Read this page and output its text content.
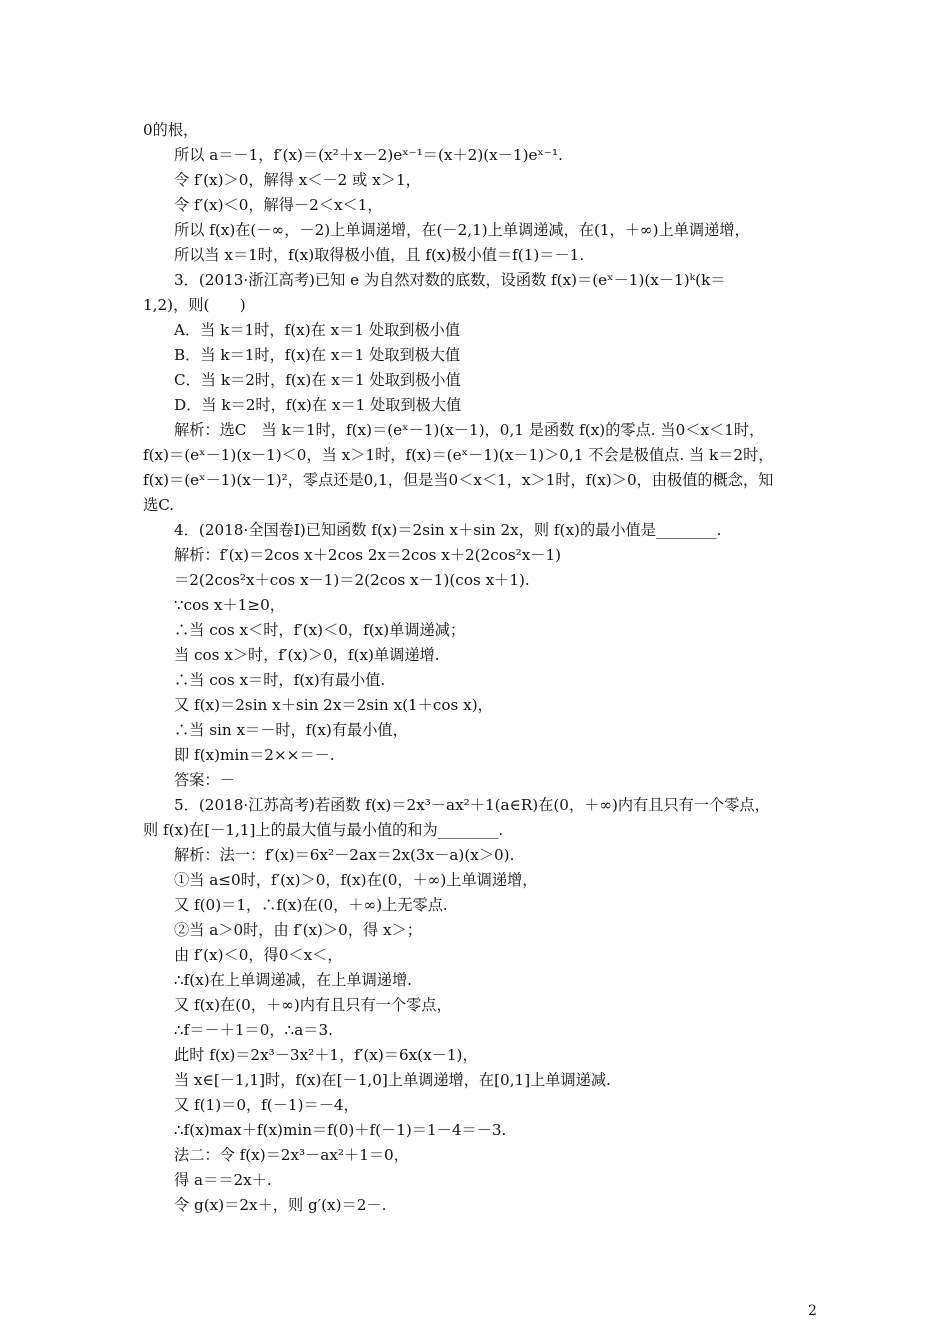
0的根，
所以 a＝－1，f′(x)＝(x²＋x－2)eˣ⁻¹＝(x＋2)(x－1)eˣ⁻¹.
令 f′(x)＞0，解得 x＜－2 或 x＞1，
令 f′(x)＜0，解得－2＜x＜1，
所以 f(x)在(－∞，－2)上单调递增，在(－2,1)上单调递减，在(1，＋∞)上单调递增，
所以当 x＝1时，f(x)取得极小值，且 f(x)极小值＝f(1)＝－1.
3．(2013·浙江高考)已知 e 为自然对数的底数，设函数 f(x)＝(eˣ－1)(x－1)ᵏ(k＝
1,2)，则(　　)
A．当 k＝1时，f(x)在 x＝1 处取到极小值
B．当 k＝1时，f(x)在 x＝1 处取到极大值
C．当 k＝2时，f(x)在 x＝1 处取到极小值
D．当 k＝2时，f(x)在 x＝1 处取到极大值
解析：选C　当 k＝1时，f(x)＝(eˣ－1)(x－1)，0,1 是函数 f(x)的零点. 当0＜x＜1时，
f(x)＝(eˣ－1)(x－1)＜0，当 x＞1时，f(x)＝(eˣ－1)(x－1)＞0,1 不会是极值点. 当 k＝2时，
f(x)＝(eˣ－1)(x－1)²，零点还是0,1，但是当0＜x＜1，x＞1时，f(x)＞0，由极值的概念，知
选C.
4．(2018·全国卷Ⅰ)已知函数 f(x)＝2sin x＋sin 2x，则 f(x)的最小值是________.
解析：f′(x)＝2cos x＋2cos 2x＝2cos x＋2(2cos²x－1)
＝2(2cos²x＋cos x－1)＝2(2cos x－1)(cos x＋1).
∵cos x＋1≥0，
∴当 cos x＜时，f′(x)＜0，f(x)单调递减；
当 cos x＞时，f′(x)＞0，f(x)单调递增.
∴当 cos x＝时，f(x)有最小值.
又 f(x)＝2sin x＋sin 2x＝2sin x(1＋cos x)，
∴当 sin x＝－时，f(x)有最小值，
即 f(x)min＝2××＝－.
答案：－
5．(2018·江苏高考)若函数 f(x)＝2x³－ax²＋1(a∈R)在(0，＋∞)内有且只有一个零点，
则 f(x)在[－1,1]上的最大值与最小值的和为________.
解析：法一：f′(x)＝6x²－2ax＝2x(3x－a)(x＞0).
①当 a≤0时，f′(x)＞0，f(x)在(0，＋∞)上单调递增，
又 f(0)＝1，∴f(x)在(0，＋∞)上无零点.
②当 a＞0时，由 f′(x)＞0，得 x＞；
由 f′(x)＜0，得0＜x＜，
∴f(x)在上单调递减，在上单调递增.
又 f(x)在(0，＋∞)内有且只有一个零点，
∴f＝－＋1＝0，∴a＝3.
此时 f(x)＝2x³－3x²＋1，f′(x)＝6x(x－1)，
当 x∈[－1,1]时，f(x)在[－1,0]上单调递增，在[0,1]上单调递减.
又 f(1)＝0，f(－1)＝－4，
∴f(x)max＋f(x)min＝f(0)＋f(－1)＝1－4＝－3.
法二：令 f(x)＝2x³－ax²＋1＝0，
得 a＝＝2x＋.
令 g(x)＝2x＋，则 g′(x)＝2－.
2
